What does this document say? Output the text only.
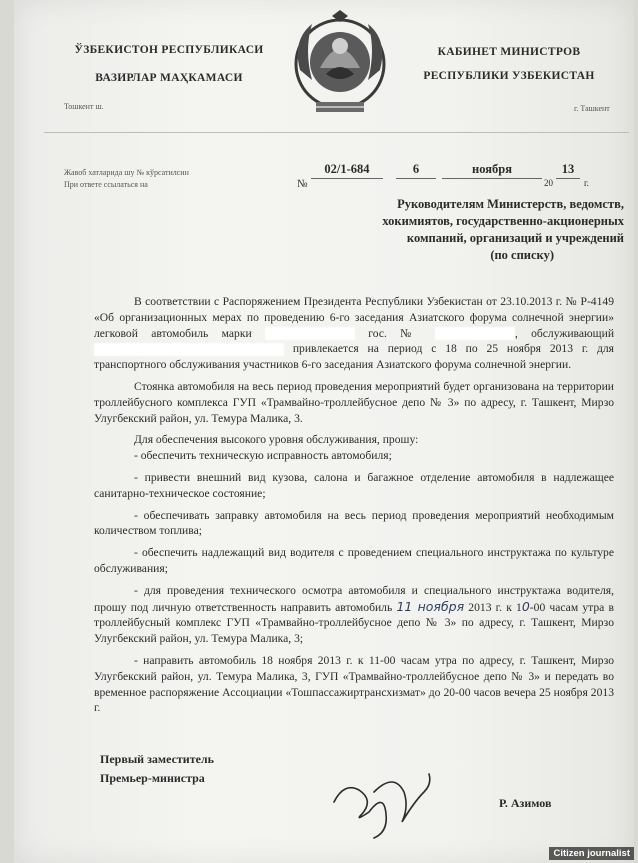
ЎЗБЕКИСТОН РЕСПУБЛИКАСИ
ВАЗИРЛАР МАҲКАМАСИ
КАБИНЕТ МИНИСТРОВ
РЕСПУБЛИКИ УЗБЕКИСТАН
Тошкент ш.	г. Ташкент
Жавоб хатларида шу № кўрсатилсин
При ответе ссылаться на	№
02/1-684	6	ноября
20
13
г.
Руководителям Министерств, ведомств,
хокимиятов, государственно-акционерных
компаний, организаций и учреждений
(по списку)

В соответствии с Распоряжением Президента Республики Узбекистан от 23.10.2013 г. № Р-4149 «Об организационных мерах по проведению 6-го заседания Азиатского форума солнечной энергии» легковой автомобиль марки	гос. №	, обслуживающий  привлекается на период с 18 по 25 ноября 2013 г. для транспортного обслуживания участников 6-го заседания Азиатского форума солнечной энергии.

Стоянка автомобиля на весь период проведения мероприятий будет организована на территории троллейбусного комплекса ГУП «Трамвайно-троллейбусное депо № 3» по адресу, г. Ташкент, Мирзо Улугбекский район, ул. Темура Малика, 3.

Для обеспечения высокого уровня обслуживания, прошу:

- обеспечить техническую исправность автомобиля;

- привести внешний вид кузова, салона и багажное отделение автомобиля в надлежащее санитарно-техническое состояние;

- обеспечивать заправку автомобиля на весь период проведения мероприятий необходимым количеством топлива;

- обеспечить надлежащий вид водителя с проведением специального инструктажа по культуре обслуживания;

- для проведения технического осмотра автомобиля и специального инструктажа водителя, прошу под личную ответственность направить автомобиль 11 ноября 2013 г. к 10-00 часам утра в троллейбусный комплекс ГУП «Трамвайно-троллейбусное депо № 3» по адресу, г. Ташкент, Мирзо Улугбекский район, ул. Темура Малика, 3;

- направить автомобиль 18 ноября 2013 г. к 11-00 часам утра по адресу, г. Ташкент, Мирзо Улугбекский район, ул. Темура Малика, 3, ГУП «Трамвайно-троллейбусное депо № 3» и передать во временное распоряжение Ассоциации «Тошпассажиртрансхизмат» до 20-00 часов вечера 25 ноября 2013 г.

Первый заместитель
Премьер-министра
Р. Азимов
Citizen journalist
